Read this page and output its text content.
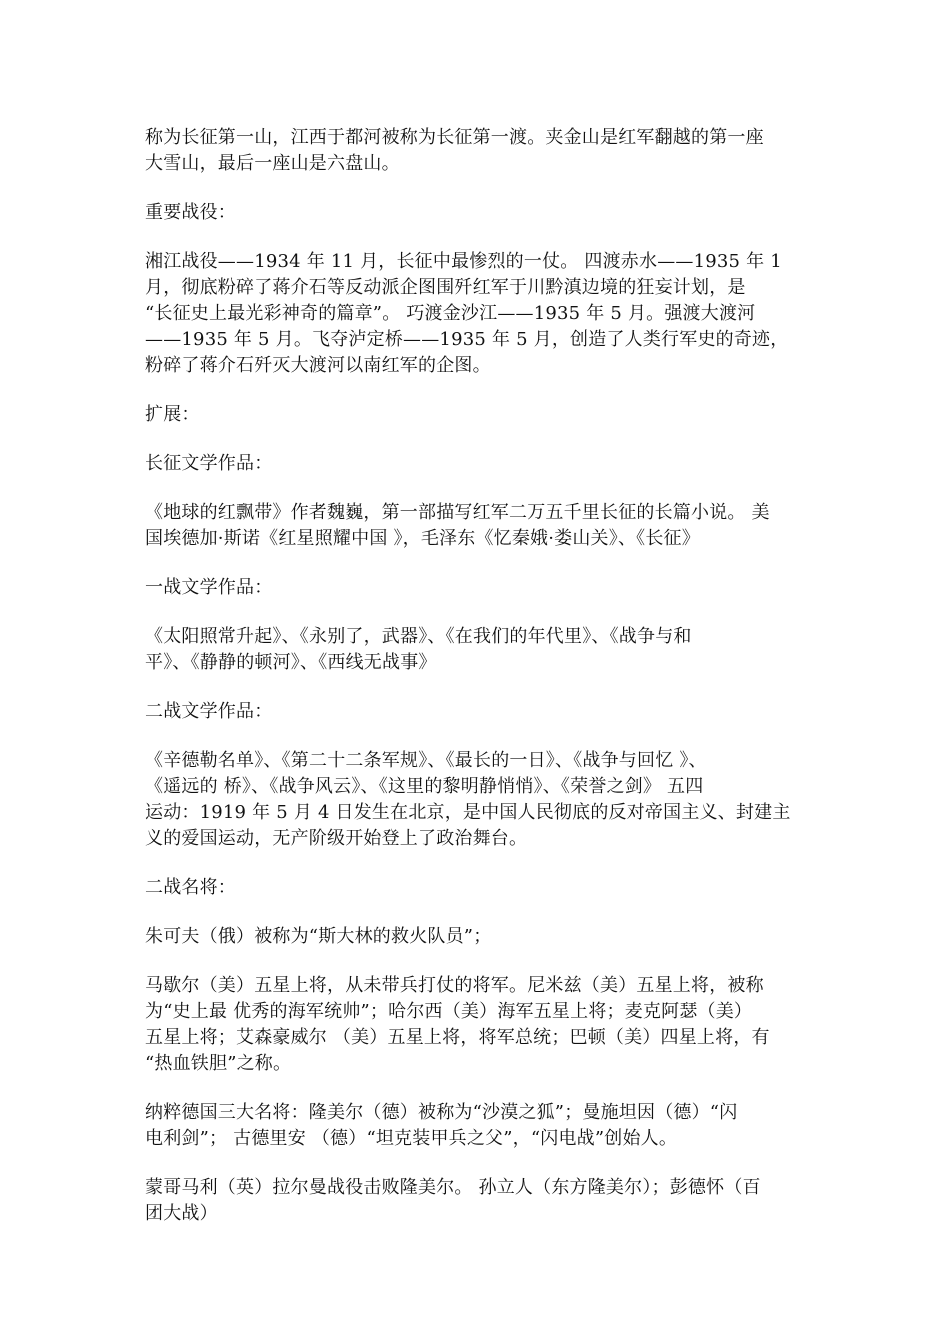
称为长征第一山，江西于都河被称为长征第一渡。夹金山是红军翻越的第一座
大雪山，最后一座山是六盘山。

重要战役：

湘江战役——1934 年 11 月，长征中最惨烈的一仗。 四渡赤水——1935 年 1
月，彻底粉碎了蒋介石等反动派企图围歼红军于川黔滇边境的狂妄计划，是
“长征史上最光彩神奇的篇章”。 巧渡金沙江——1935 年 5 月。强渡大渡河
——1935 年 5 月。飞夺泸定桥——1935 年 5 月，创造了人类行军史的奇迹，
粉碎了蒋介石歼灭大渡河以南红军的企图。

扩展：

长征文学作品：

《地球的红飘带》作者魏巍，第一部描写红军二万五千里长征的长篇小说。 美
国埃德加·斯诺《红星照耀中国 》，毛泽东《忆秦娥·娄山关》、《长征》

一战文学作品：

《太阳照常升起》、《永别了，武器》、《在我们的年代里》、《战争与和
平》、《静静的顿河》、《西线无战事》

二战文学作品：

《辛德勒名单》、《第二十二条军规》、《最长的一日》、《战争与回忆 》、
《遥远的 桥》、《战争风云》、《这里的黎明静悄悄》、《荣誉之剑》 五四
运动：1919 年 5 月 4 日发生在北京，是中国人民彻底的反对帝国主义、封建主
义的爱国运动，无产阶级开始登上了政治舞台。

二战名将：

朱可夫（俄）被称为“斯大林的救火队员”；

马歇尔（美）五星上将，从未带兵打仗的将军。尼米兹（美）五星上将，被称
为“史上最 优秀的海军统帅”；哈尔西（美）海军五星上将；麦克阿瑟（美）
五星上将；艾森豪威尔 （美）五星上将，将军总统；巴顿（美）四星上将，有
“热血铁胆”之称。

纳粹德国三大名将：隆美尔（德）被称为“沙漠之狐”；曼施坦因（德）“闪
电利剑”； 古德里安 （德）“坦克装甲兵之父”，“闪电战”创始人。

蒙哥马利（英）拉尔曼战役击败隆美尔。 孙立人（东方隆美尔）；彭德怀（百
团大战）
